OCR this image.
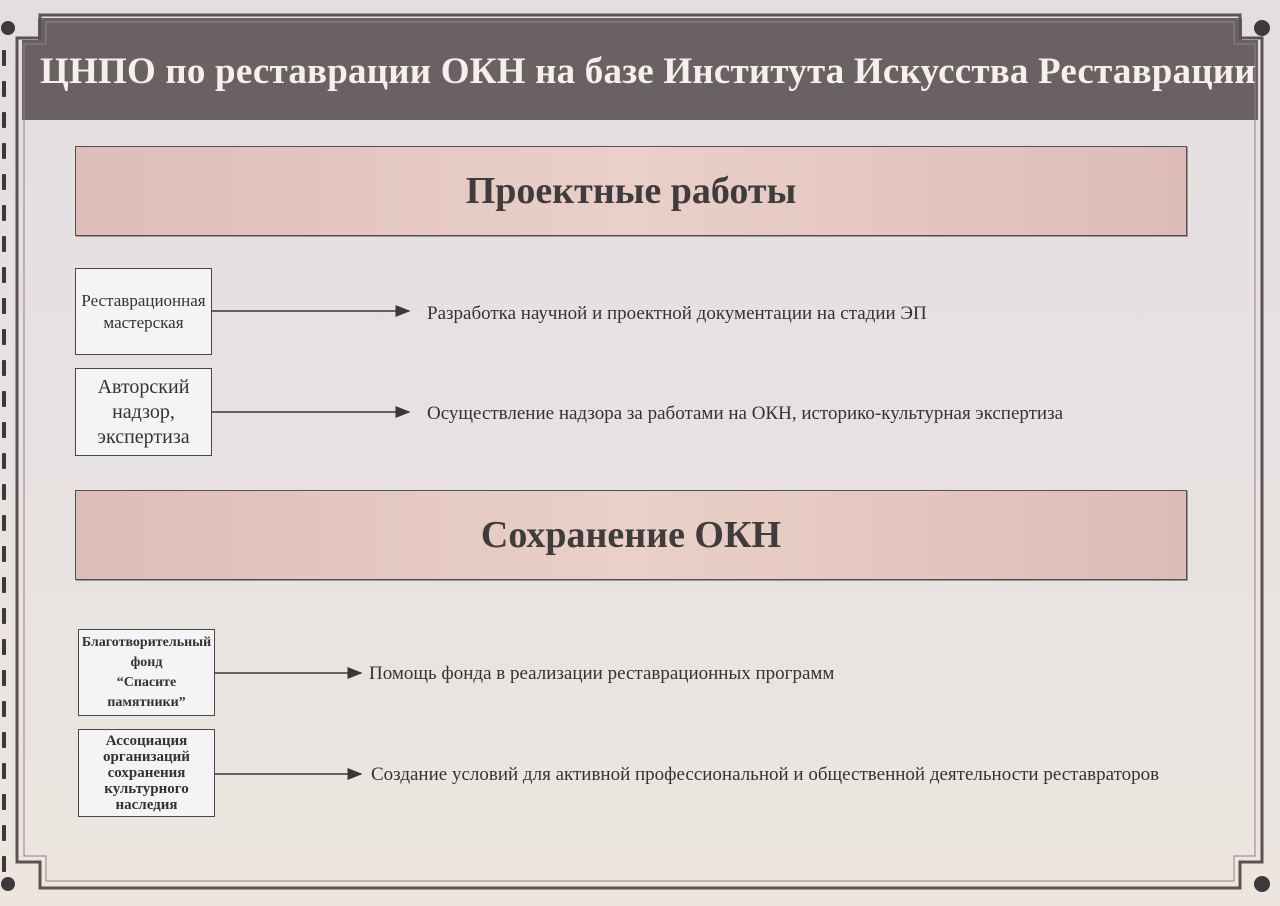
ЦНПО по реставрации ОКН на базе Института Искусства Реставрации
Проектные работы
Реставрационная
мастерская	Разработка научной и проектной документации на стадии ЭП
Авторский
надзор,
экспертиза
Осуществление надзора за работами на ОКН, историко-культурная экспертиза
Сохранение ОКН
Благотворительный
фонд
“Спасите памятники”
Помощь фонда в реализации реставрационных программ
Ассоциация
организаций
сохранения
культурного
наследия
Создание условий для активной профессиональной и общественной деятельности реставраторов
